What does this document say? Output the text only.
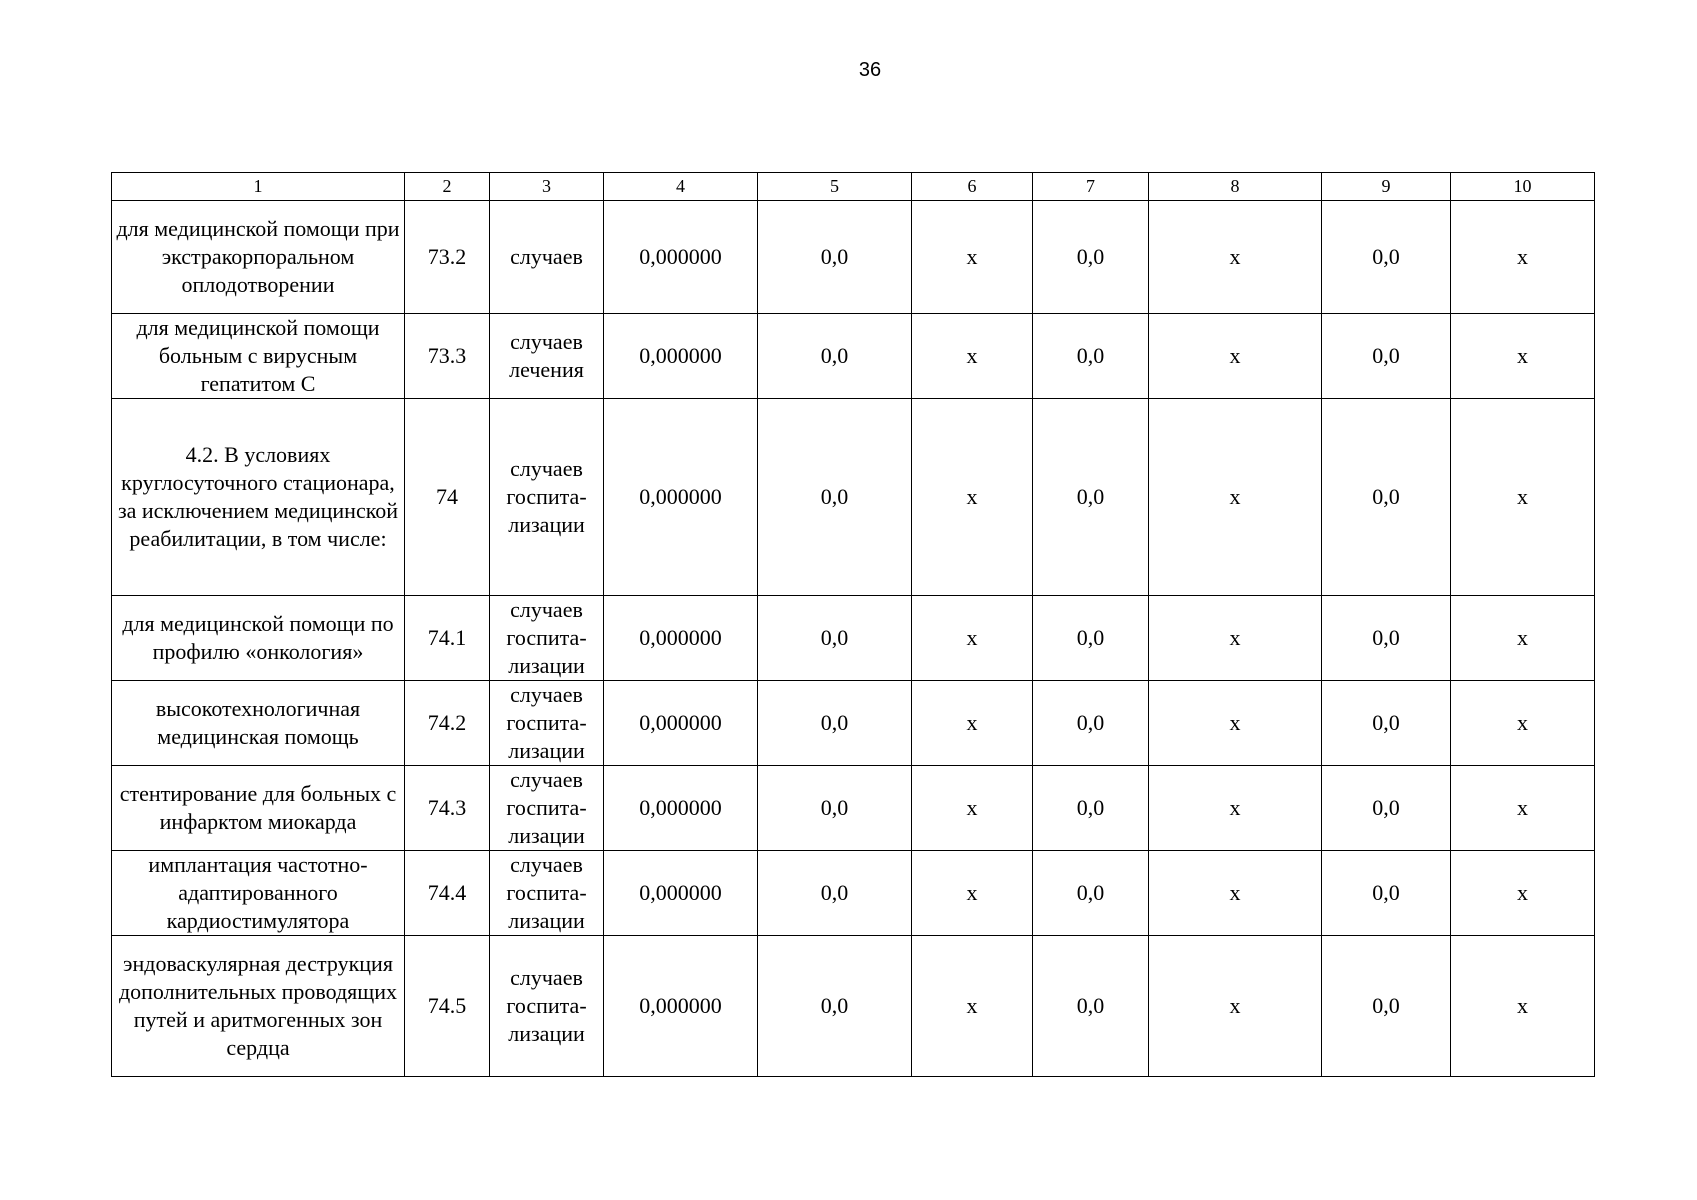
36
1	2	3	4	5	6	7	8	9	10
для медицинской помощи при экстракорпоральном оплодотворении	73.2	случаев	0,000000	0,0	х	0,0	х	0,0	х
для медицинской помощи больным с вирусным гепатитом С	73.3	случаев
лечения	0,000000	0,0	х	0,0	х	0,0	х
4.2. В условиях круглосуточного стационара, за исключением медицинской реабилитации, в том числе:	74	случаев
госпита-
лизации	0,000000	0,0	х	0,0	х	0,0	х
для медицинской помощи по профилю «онкология»	74.1	случаев
госпита-
лизации	0,000000	0,0	х	0,0	х	0,0	х
высокотехнологичная медицинская помощь	74.2	случаев
госпита-
лизации	0,000000	0,0	х	0,0	х	0,0	х
стентирование для больных с инфарктом миокарда	74.3	случаев
госпита-
лизации	0,000000	0,0	х	0,0	х	0,0	х
имплантация частотно-адаптированного кардиостимулятора	74.4	случаев
госпита-
лизации	0,000000	0,0	х	0,0	х	0,0	х
эндоваскулярная деструкция дополнительных проводящих путей и аритмогенных зон сердца	74.5	случаев
госпита-
лизации	0,000000	0,0	х	0,0	х	0,0	х
